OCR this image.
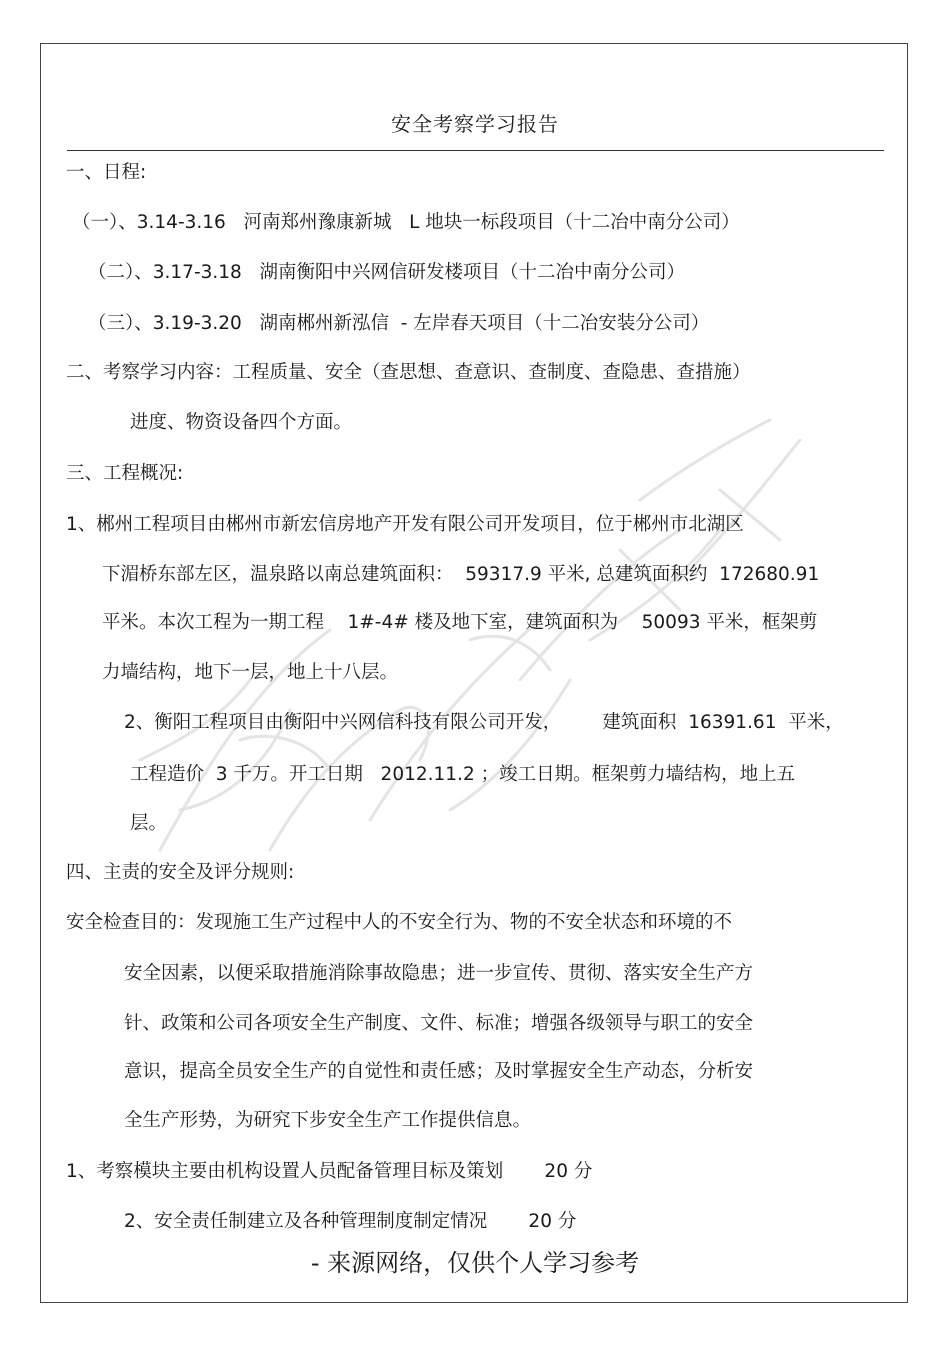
安全考察学习报告
一、日程:
（一）、3.14-3.16   河南郑州豫康新城   L 地块一标段项目（十二冶中南分公司）
（二）、3.17-3.18   湖南衡阳中兴网信研发楼项目（十二冶中南分公司）
（三）、3.19-3.20   湖南郴州新泓信  - 左岸春天项目（十二冶安装分公司）
二、考察学习内容：工程质量、安全（查思想、查意识、查制度、查隐患、查措施）
进度、物资设备四个方面。
三、工程概况:
1、郴州工程项目由郴州市新宏信房地产开发有限公司开发项目，位于郴州市北湖区
下湄桥东部左区，温泉路以南总建筑面积：  59317.9 平米, 总建筑面积约  172680.91
平米。本次工程为一期工程    1#-4# 楼及地下室，建筑面积为    50093 平米，框架剪
力墙结构，地下一层，地上十八层。
2、衡阳工程项目由衡阳中兴网信科技有限公司开发，       建筑面积  16391.61  平米，
工程造价  3 千万。开工日期   2012.11.2 ；竣工日期。框架剪力墙结构，地上五
层。
四、主责的安全及评分规则:
安全检查目的：发现施工生产过程中人的不安全行为、物的不安全状态和环境的不
安全因素，以便采取措施消除事故隐患；进一步宣传、贯彻、落实安全生产方
针、政策和公司各项安全生产制度、文件、标准；增强各级领导与职工的安全
意识，提高全员安全生产的自觉性和责任感；及时掌握安全生产动态，分析安
全生产形势，为研究下步安全生产工作提供信息。
1、考察模块主要由机构设置人员配备管理目标及策划       20 分
2、安全责任制建立及各种管理制度制定情况       20 分
- 来源网络，仅供个人学习参考
